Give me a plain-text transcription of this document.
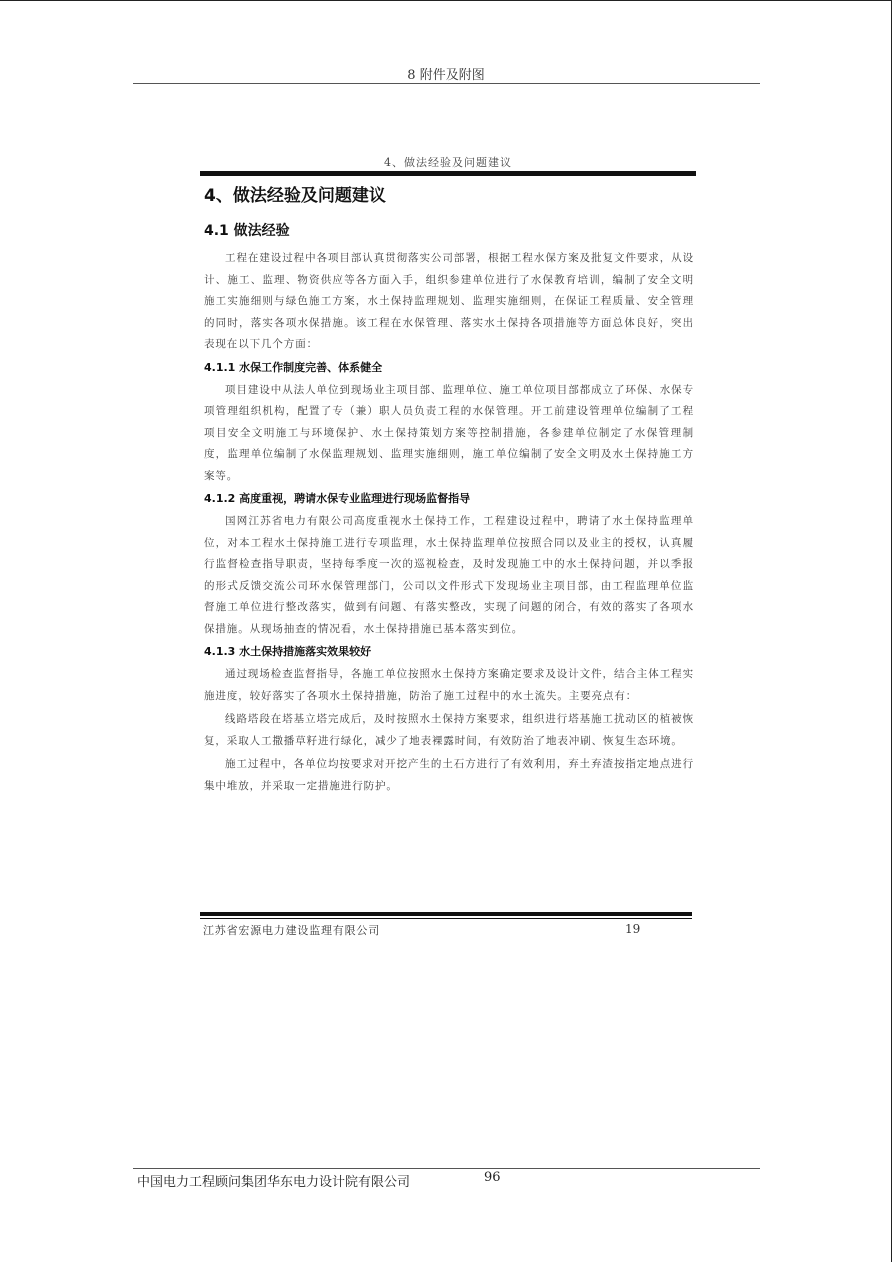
8 附件及附图
4、做法经验及问题建议
4、做法经验及问题建议
4.1 做法经验

工程在建设过程中各项目部认真贯彻落实公司部署，根据工程水保方案及批复文件要求，从设计、施工、监理、物资供应等各方面入手，组织参建单位进行了水保教育培训，编制了安全文明施工实施细则与绿色施工方案，水土保持监理规划、监理实施细则，在保证工程质量、安全管理的同时，落实各项水保措施。该工程在水保管理、落实水土保持各项措施等方面总体良好，突出表现在以下几个方面：

4.1.1 水保工作制度完善、体系健全

项目建设中从法人单位到现场业主项目部、监理单位、施工单位项目部都成立了环保、水保专项管理组织机构，配置了专（兼）职人员负责工程的水保管理。开工前建设管理单位编制了工程项目安全文明施工与环境保护、水土保持策划方案等控制措施，各参建单位制定了水保管理制度，监理单位编制了水保监理规划、监理实施细则，施工单位编制了安全文明及水土保持施工方案等。

4.1.2 高度重视，聘请水保专业监理进行现场监督指导

国网江苏省电力有限公司高度重视水土保持工作，工程建设过程中，聘请了水土保持监理单位，对本工程水土保持施工进行专项监理，水土保持监理单位按照合同以及业主的授权，认真履行监督检查指导职责，坚持每季度一次的巡视检查，及时发现施工中的水土保持问题，并以季报的形式反馈交流公司环水保管理部门，公司以文件形式下发现场业主项目部，由工程监理单位监督施工单位进行整改落实，做到有问题、有落实整改，实现了问题的闭合，有效的落实了各项水保措施。从现场抽查的情况看，水土保持措施已基本落实到位。

4.1.3 水土保持措施落实效果较好

通过现场检查监督指导，各施工单位按照水土保持方案确定要求及设计文件，结合主体工程实施进度，较好落实了各项水土保持措施，防治了施工过程中的水土流失。主要亮点有：

线路塔段在塔基立塔完成后，及时按照水土保持方案要求，组织进行塔基施工扰动区的植被恢复，采取人工撒播草籽进行绿化，减少了地表裸露时间，有效防治了地表冲刷、恢复生态环境。

施工过程中，各单位均按要求对开挖产生的土石方进行了有效利用，弃土弃渣按指定地点进行集中堆放，并采取一定措施进行防护。

江苏省宏源电力建设监理有限公司	19
中国电力工程顾问集团华东电力设计院有限公司	96
